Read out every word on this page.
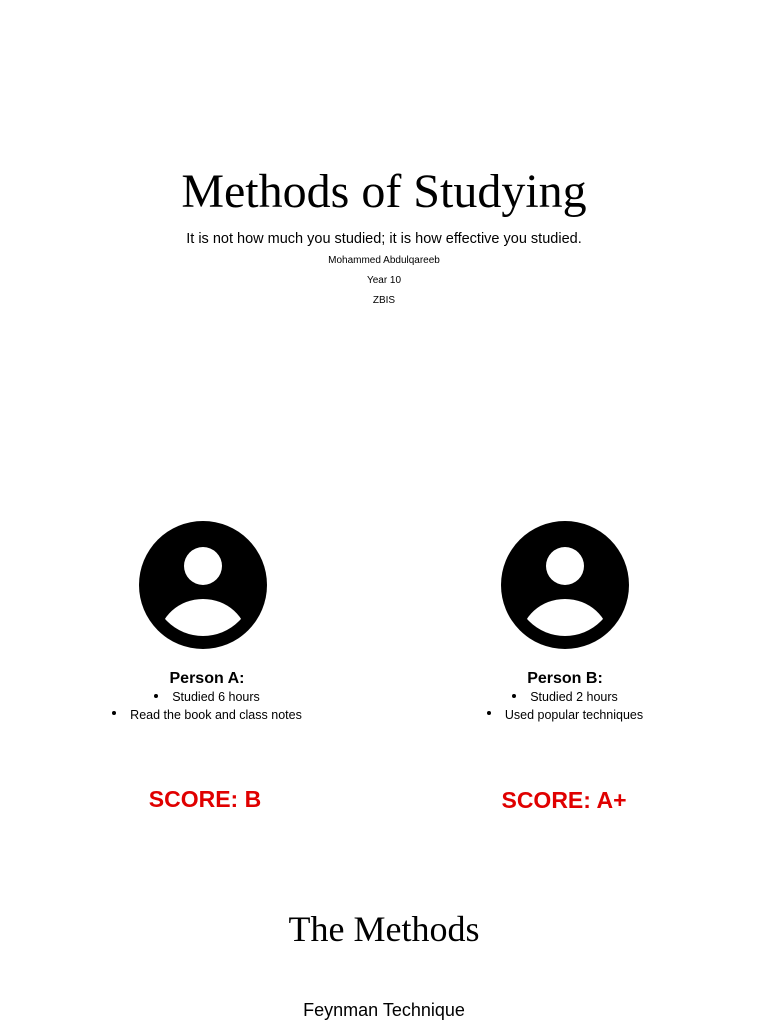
Methods of Studying
It is not how much you studied; it is how effective you studied.
Mohammed Abdulqareeb
Year 10
ZBIS
Person A:
Studied 6 hours
Read the book and class notes
Person B:
Studied 2 hours
Used popular techniques
SCORE: B	SCORE: A+
The Methods
Feynman Technique
